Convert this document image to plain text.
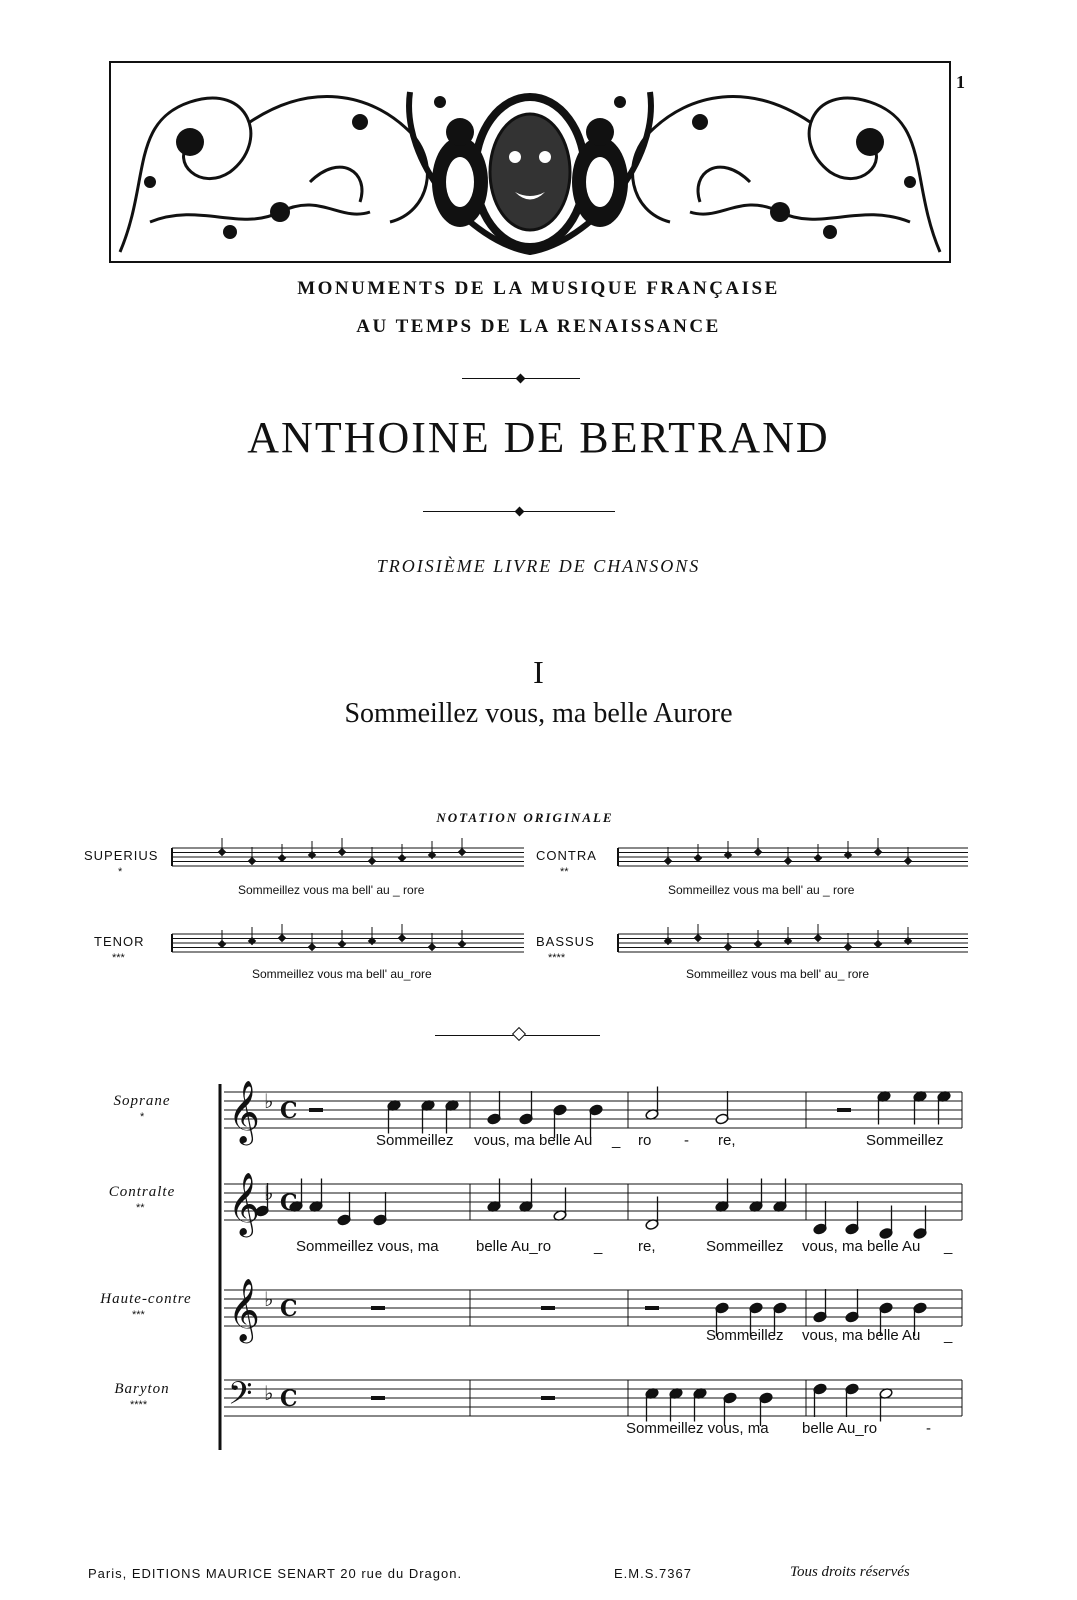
1
MONUMENTS DE LA MUSIQUE FRANÇAISE
AU TEMPS DE LA RENAISSANCE
ANTHOINE DE BERTRAND
TROISIÈME LIVRE DE CHANSONS
I
Sommeillez vous, ma belle Aurore
NOTATION ORIGINALE
SUPERIUS
*
Sommeillez vous ma bell' au _ rore
CONTRA
**
Sommeillez vous ma bell' au _ rore
TENOR
***
Sommeillez vous ma bell' au_rore
BASSUS
****
Sommeillez vous ma bell' au_ rore
Soprane
*
Contralte
**
Haute-contre
***
Baryton
****
𝄞 ♭ C
𝄞 ♭ C
𝄞 ♭ C
𝄢 ♭ C
Sommeillez vous, ma belle Au _ ro - re,	Sommeillez
Sommeillez vous, ma belle Au_ro	_ re,	Sommeillez vous, ma belle Au _
Sommeillez vous, ma belle Au _
Sommeillez vous, ma belle Au_ro	-
Paris, EDITIONS MAURICE SENART 20 rue du Dragon.	E.M.S.7367	Tous droits réservés
